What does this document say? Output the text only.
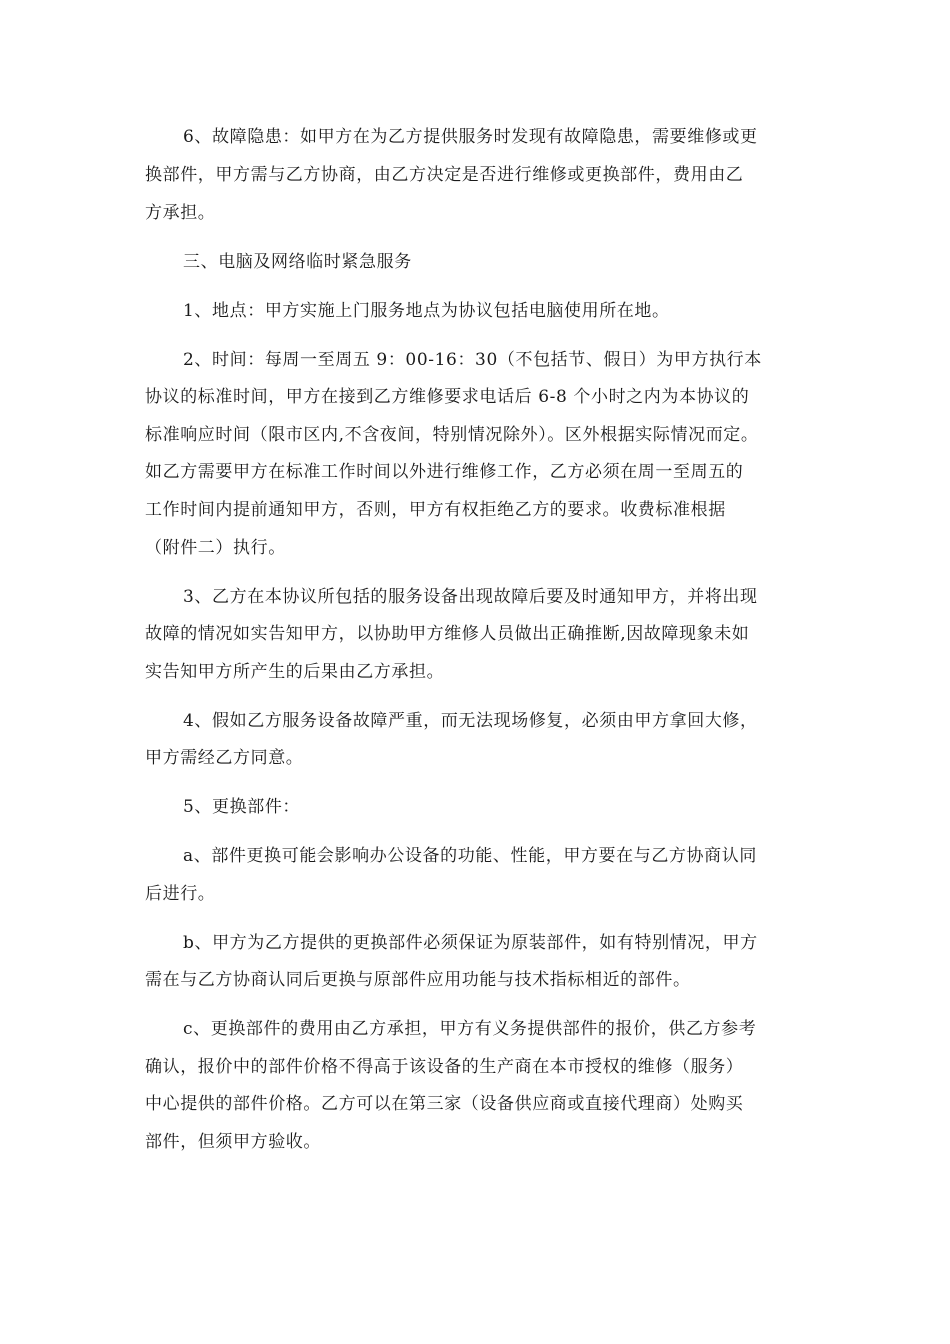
6、故障隐患：如甲方在为乙方提供服务时发现有故障隐患，需要维修或更
换部件，甲方需与乙方协商，由乙方决定是否进行维修或更换部件，费用由乙
方承担。
三、电脑及网络临时紧急服务
1、地点：甲方实施上门服务地点为协议包括电脑使用所在地。
2、时间：每周一至周五 9：00-16：30（不包括节、假日）为甲方执行本
协议的标准时间，甲方在接到乙方维修要求电话后 6-8 个小时之内为本协议的
标准响应时间（限市区内,不含夜间，特别情况除外）。区外根据实际情况而定。
如乙方需要甲方在标准工作时间以外进行维修工作，乙方必须在周一至周五的
工作时间内提前通知甲方，否则，甲方有权拒绝乙方的要求。收费标准根据
（附件二）执行。
3、乙方在本协议所包括的服务设备出现故障后要及时通知甲方，并将出现
故障的情况如实告知甲方，以协助甲方维修人员做出正确推断,因故障现象未如
实告知甲方所产生的后果由乙方承担。
4、假如乙方服务设备故障严重，而无法现场修复，必须由甲方拿回大修，
甲方需经乙方同意。
5、更换部件：
a、部件更换可能会影响办公设备的功能、性能，甲方要在与乙方协商认同
后进行。
b、甲方为乙方提供的更换部件必须保证为原装部件，如有特别情况，甲方
需在与乙方协商认同后更换与原部件应用功能与技术指标相近的部件。
c、更换部件的费用由乙方承担，甲方有义务提供部件的报价，供乙方参考
确认，报价中的部件价格不得高于该设备的生产商在本市授权的维修（服务）
中心提供的部件价格。乙方可以在第三家（设备供应商或直接代理商）处购买
部件，但须甲方验收。
